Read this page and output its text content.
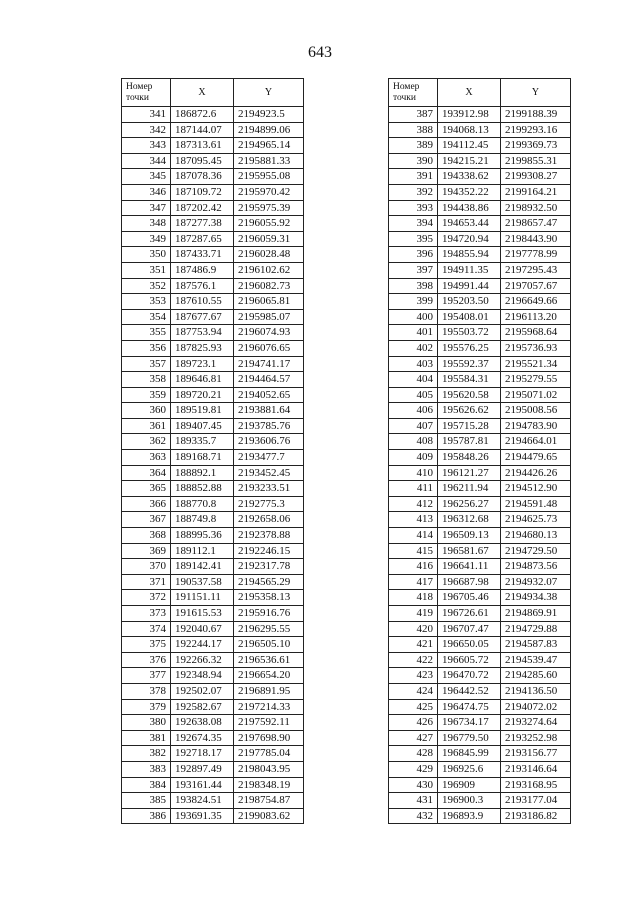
643
Номер точки	X	Y
341	186872.6	2194923.5
342	187144.07	2194899.06
343	187313.61	2194965.14
344	187095.45	2195881.33
345	187078.36	2195955.08
346	187109.72	2195970.42
347	187202.42	2195975.39
348	187277.38	2196055.92
349	187287.65	2196059.31
350	187433.71	2196028.48
351	187486.9	2196102.62
352	187576.1	2196082.73
353	187610.55	2196065.81
354	187677.67	2195985.07
355	187753.94	2196074.93
356	187825.93	2196076.65
357	189723.1	2194741.17
358	189646.81	2194464.57
359	189720.21	2194052.65
360	189519.81	2193881.64
361	189407.45	2193785.76
362	189335.7	2193606.76
363	189168.71	2193477.7
364	188892.1	2193452.45
365	188852.88	2193233.51
366	188770.8	2192775.3
367	188749.8	2192658.06
368	188995.36	2192378.88
369	189112.1	2192246.15
370	189142.41	2192317.78
371	190537.58	2194565.29
372	191151.11	2195358.13
373	191615.53	2195916.76
374	192040.67	2196295.55
375	192244.17	2196505.10
376	192266.32	2196536.61
377	192348.94	2196654.20
378	192502.07	2196891.95
379	192582.67	2197214.33
380	192638.08	2197592.11
381	192674.35	2197698.90
382	192718.17	2197785.04
383	192897.49	2198043.95
384	193161.44	2198348.19
385	193824.51	2198754.87
386	193691.35	2199083.62
Номер точки	X	Y
387	193912.98	2199188.39
388	194068.13	2199293.16
389	194112.45	2199369.73
390	194215.21	2199855.31
391	194338.62	2199308.27
392	194352.22	2199164.21
393	194438.86	2198932.50
394	194653.44	2198657.47
395	194720.94	2198443.90
396	194855.94	2197778.99
397	194911.35	2197295.43
398	194991.44	2197057.67
399	195203.50	2196649.66
400	195408.01	2196113.20
401	195503.72	2195968.64
402	195576.25	2195736.93
403	195592.37	2195521.34
404	195584.31	2195279.55
405	195620.58	2195071.02
406	195626.62	2195008.56
407	195715.28	2194783.90
408	195787.81	2194664.01
409	195848.26	2194479.65
410	196121.27	2194426.26
411	196211.94	2194512.90
412	196256.27	2194591.48
413	196312.68	2194625.73
414	196509.13	2194680.13
415	196581.67	2194729.50
416	196641.11	2194873.56
417	196687.98	2194932.07
418	196705.46	2194934.38
419	196726.61	2194869.91
420	196707.47	2194729.88
421	196650.05	2194587.83
422	196605.72	2194539.47
423	196470.72	2194285.60
424	196442.52	2194136.50
425	196474.75	2194072.02
426	196734.17	2193274.64
427	196779.50	2193252.98
428	196845.99	2193156.77
429	196925.6	2193146.64
430	196909	2193168.95
431	196900.3	2193177.04
432	196893.9	2193186.82
